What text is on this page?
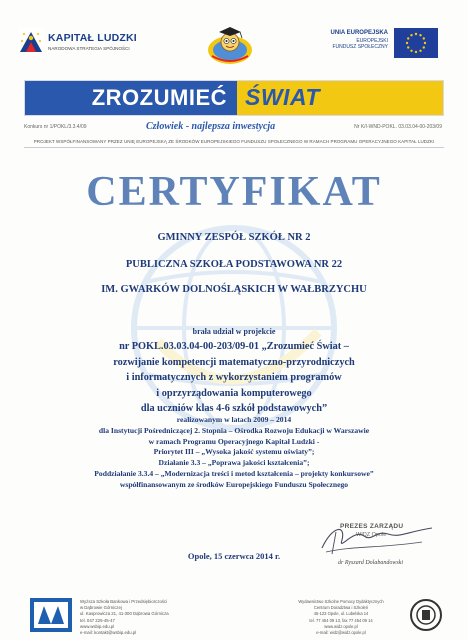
KAPITAŁ LUDZKI
NARODOWA STRATEGIA SPÓJNOŚCI
UNIA EUROPEJSKA
EUROPEJSKI
FUNDUSZ SPOŁECZNY
ZROZUMIEĆ ŚWIAT
Konkurs nr 1/POKL/3.3.4/09	Człowiek - najlepsza inwestycja	Nr K/I-WND-POKL. 03.03.04-00-203/09
PROJEKT WSPÓŁFINANSOWANY PRZEZ UNIĘ EUROPEJSKĄ ZE ŚRODKÓW EUROPEJSKIEGO FUNDUSZU SPOŁECZNEGO W RAMACH PROGRAMU OPERACYJNEGO KAPITAŁ LUDZKI
CERTYFIKAT
GMINNY ZESPÓŁ SZKÓŁ NR 2
PUBLICZNA SZKOŁA PODSTAWOWA NR 22
IM. GWARKÓW DOLNOŚLĄSKICH W WAŁBRZYCHU
brała udział w projekcie
nr POKL.03.03.04-00-203/09-01 „Zrozumieć Świat –
rozwijanie kompetencji matematyczno-przyrodniczych
i informatycznych z wykorzystaniem programów
i oprzyrządowania komputerowego
dla uczniów klas 4-6 szkół podstawowych”
realizowanym w latach 2009 – 2014
dla Instytucji Pośredniczącej 2. Stopnia – Ośrodka Rozwoju Edukacji w Warszawie
w ramach Programu Operacyjnego Kapitał Ludzki -
Priorytet III – „Wysoka jakość systemu oświaty”;
Działanie 3.3 – „Poprawa jakości kształcenia”;
Poddziałanie 3.3.4 – „Modernizacja treści i metod kształcenia – projekty konkursowe”
współfinansowanym ze środków Europejskiego Funduszu Społecznego
PREZES ZARZĄDU
WIDZ Opole
dr Ryszard Dolabandowski
Opole, 15 czerwca 2014 r.
Wyższa Szkoła Bankowa i Przedsiębiorczości
w Dąbrowie Górniczej
ul. Kasprowicza 21, 41-300 Dąbrowa Górnicza
tel. 047 225-45-47
www.wsbip.edu.pl
e-mail: kontakt@wsbip.edu.pl
Wydawnictwo Szkolne Pomocy Dydaktycznych
Centrum Doradztwa i Szkoleń
45-123 Opole, ul. Lubelska 14
tel. 77 454 09 13, fax 77 454 09 14
www.widz.opole.pl
e-mail: widz@widz.opole.pl
